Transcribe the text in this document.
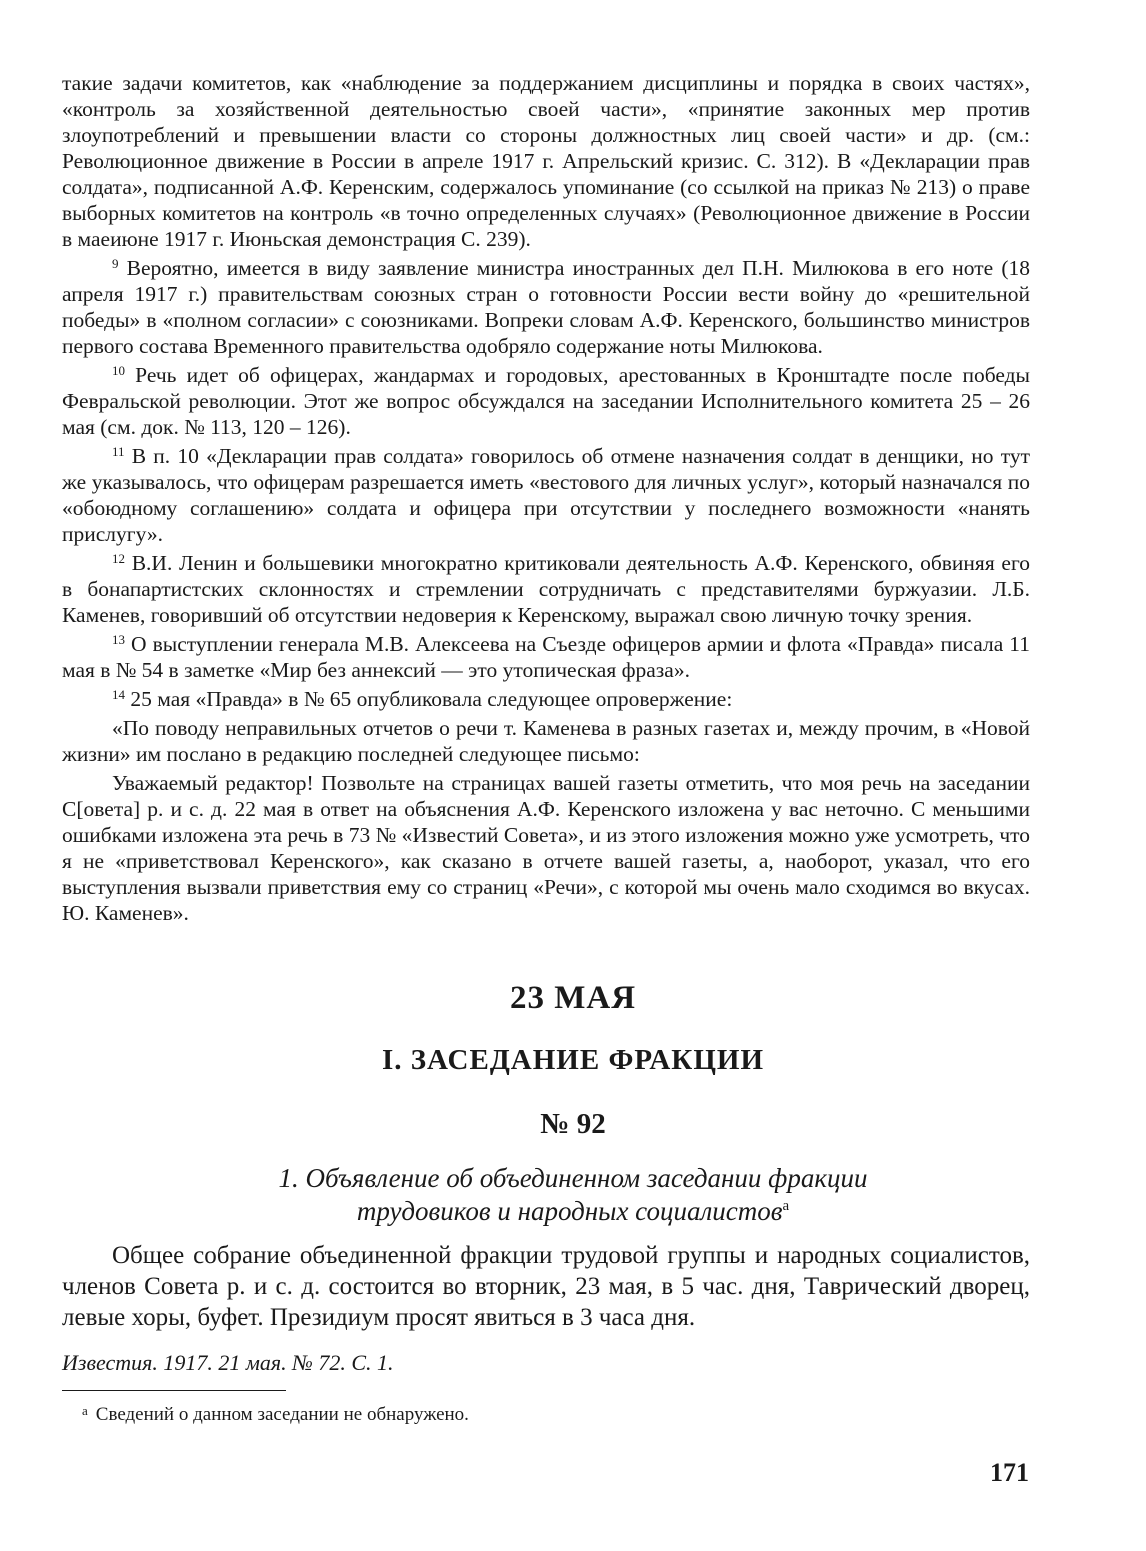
такие задачи комитетов, как «наблюдение за поддержанием дисциплины и порядка в своих частях», «контроль за хозяйственной деятельностью своей части», «принятие законных мер против злоупотреблений и превышении власти со стороны должностных лиц своей части» и др. (см.: Революционное движение в России в апреле 1917 г. Апрельский кризис. С. 312). В «Декларации прав солдата», подписанной А.Ф. Керенским, содержалось упоминание (со ссылкой на приказ № 213) о праве выборных комитетов на контроль «в точно определенных случаях» (Революционное движение в России в маеиюне 1917 г. Июньская демонстрация С. 239).

$^9$ Вероятно, имеется в виду заявление министра иностранных дел П.Н. Милюкова в его ноте (18 апреля 1917 г.) правительствам союзных стран о готовности России вести войну до «решительной победы» в «полном согласии» с союзниками. Вопреки словам А.Ф. Керенского, большинство министров первого состава Временного правительства одобряло содержание ноты Милюкова.

$^{10}$ Речь идет об офицерах, жандармах и городовых, арестованных в Кронштадте после победы Февральской революции. Этот же вопрос обсуждался на заседании Исполнительного комитета 25 – 26 мая (см. док. № 113, 120 – 126).

$^{11}$ В п. 10 «Декларации прав солдата» говорилось об отмене назначения солдат в денщики, но тут же указывалось, что офицерам разрешается иметь «вестового для личных услуг», который назначался по «обоюдному соглашению» солдата и офицера при отсутствии у последнего возможности «нанять прислугу».

$^{12}$ В.И. Ленин и большевики многократно критиковали деятельность А.Ф. Керенского, обвиняя его в бонапартистских склонностях и стремлении сотрудничать с представителями буржуазии. Л.Б. Каменев, говоривший об отсутствии недоверия к Керенскому, выражал свою личную точку зрения.

$^{13}$ О выступлении генерала М.В. Алексеева на Съезде офицеров армии и флота «Правда» писала 11 мая в № 54 в заметке «Мир без аннексий — это утопическая фраза».

$^{14}$ 25 мая «Правда» в № 65 опубликовала следующее опровержение:

«По поводу неправильных отчетов о речи т. Каменева в разных газетах и, между прочим, в «Новой жизни» им послано в редакцию последней следующее письмо:

Уважаемый редактор! Позвольте на страницах вашей газеты отметить, что моя речь на заседании С[овета] р. и с. д. 22 мая в ответ на объяснения А.Ф. Керенского изложена у вас неточно. С меньшими ошибками изложена эта речь в 73 № «Известий Совета», и из этого изложения можно уже усмотреть, что я не «приветствовал Керенского», как сказано в отчете вашей газеты, а, наоборот, указал, что его выступления вызвали приветствия ему со страниц «Речи», с которой мы очень мало сходимся во вкусах. Ю. Каменев».

23 МАЯ
I. ЗАСЕДАНИЕ ФРАКЦИИ
№ 92
1. Объявление об объединенном заседании фракции
трудовиков и народных социалистов$^а$

Общее собрание объединенной фракции трудовой группы и народных социалистов, членов Совета р. и с. д. состоится во вторник, 23 мая, в 5 час. дня, Таврический дворец, левые хоры, буфет. Президиум просят явиться в 3 часа дня.

Известия. 1917. 21 мая. № 72. С. 1.
$^а$ Сведений о данном заседании не обнаружено.
171
